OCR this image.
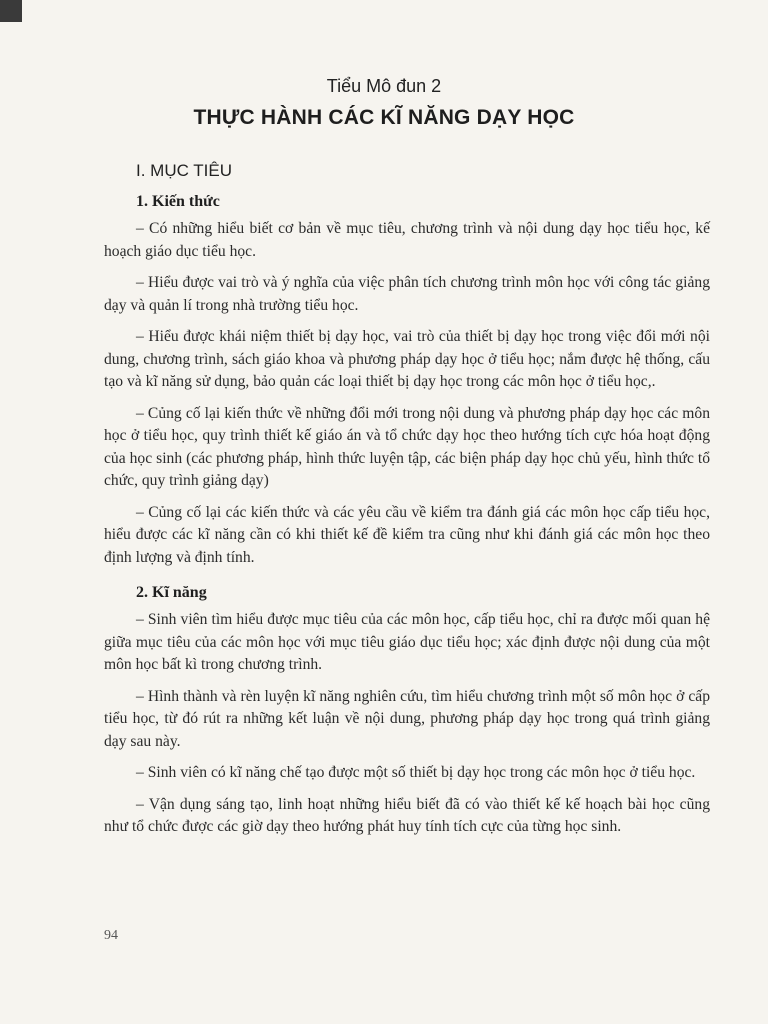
Tiểu Mô đun 2
THỰC HÀNH CÁC KĨ NĂNG DẠY HỌC
I. MỤC TIÊU
1. Kiến thức

– Có những hiểu biết cơ bản về mục tiêu, chương trình và nội dung dạy học tiểu học, kế hoạch giáo dục tiểu học.

– Hiểu được vai trò và ý nghĩa của việc phân tích chương trình môn học với công tác giảng dạy và quản lí trong nhà trường tiểu học.

– Hiểu được khái niệm thiết bị dạy học, vai trò của thiết bị dạy học trong việc đổi mới nội dung, chương trình, sách giáo khoa và phương pháp dạy học ở tiểu học; nắm được hệ thống, cấu tạo và kĩ năng sử dụng, bảo quản các loại thiết bị dạy học trong các môn học ở tiểu học,.

– Củng cố lại kiến thức về những đổi mới trong nội dung và phương pháp dạy học các môn học ở tiểu học, quy trình thiết kế giáo án và tổ chức dạy học theo hướng tích cực hóa hoạt động của học sinh (các phương pháp, hình thức luyện tập, các biện pháp dạy học chủ yếu, hình thức tổ chức, quy trình giảng dạy)

– Củng cố lại các kiến thức và các yêu cầu về kiểm tra đánh giá các môn học cấp tiểu học, hiểu được các kĩ năng cần có khi thiết kế đề kiểm tra cũng như khi đánh giá các môn học theo định lượng và định tính.

2. Kĩ năng

– Sinh viên tìm hiểu được mục tiêu của các môn học, cấp tiểu học, chỉ ra được mối quan hệ giữa mục tiêu của các môn học với mục tiêu giáo dục tiểu học; xác định được nội dung của một môn học bất kì trong chương trình.

– Hình thành và rèn luyện kĩ năng nghiên cứu, tìm hiểu chương trình một số môn học ở cấp tiểu học, từ đó rút ra những kết luận về nội dung, phương pháp dạy học trong quá trình giảng dạy sau này.

– Sinh viên có kĩ năng chế tạo được một số thiết bị dạy học trong các môn học ở tiểu học.

– Vận dụng sáng tạo, linh hoạt những hiểu biết đã có vào thiết kế kế hoạch bài học cũng như tổ chức được các giờ dạy theo hướng phát huy tính tích cực của từng học sinh.

94
